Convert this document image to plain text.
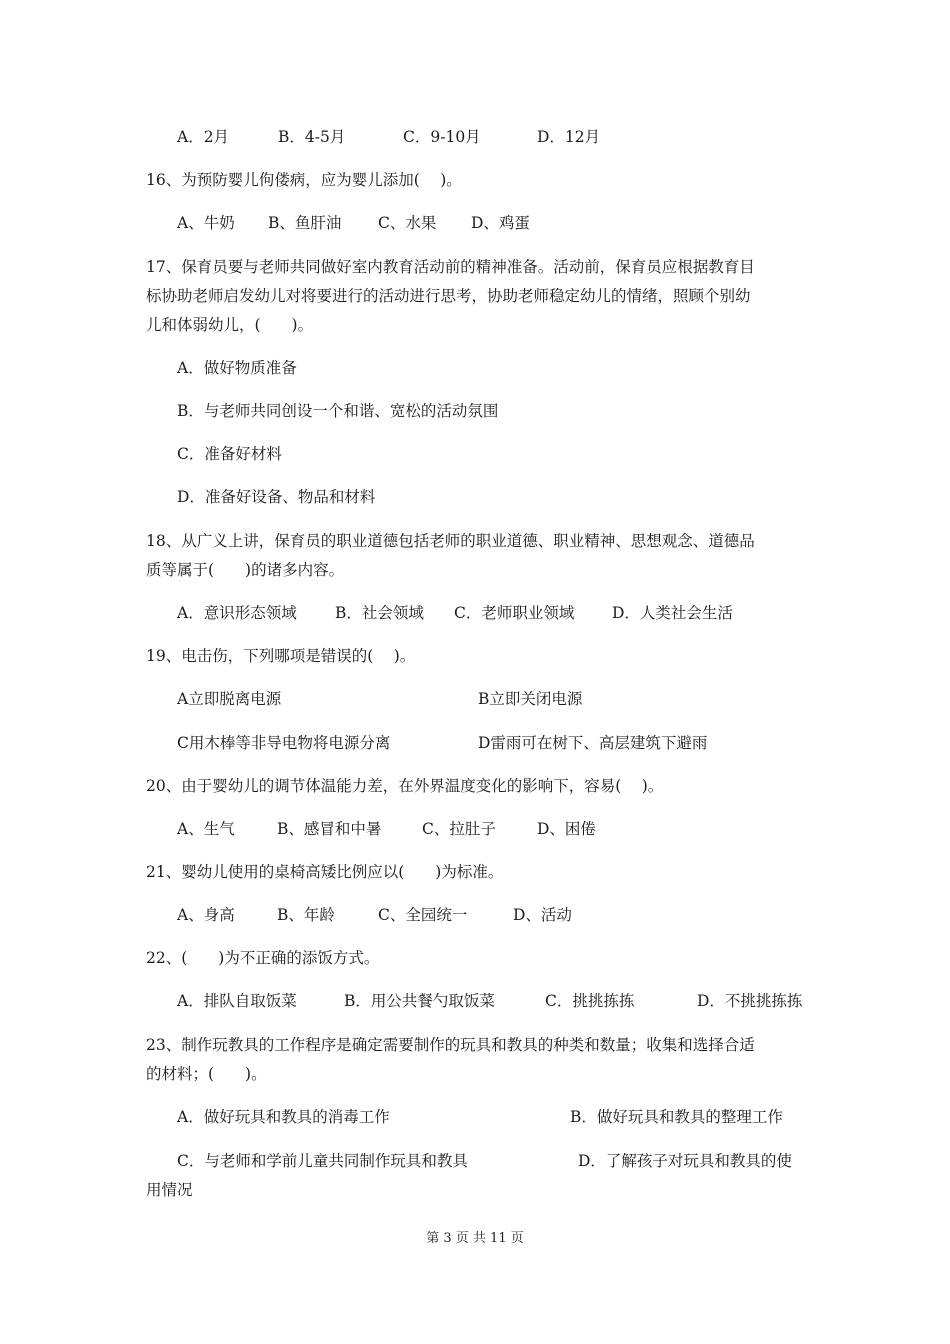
A．2月	B．4-5月	C．9-10月	D．12月
16、为预防婴儿佝偻病，应为婴儿添加(　 )。
A、牛奶 B、鱼肝油 C、水果 D、鸡蛋
17、保育员要与老师共同做好室内教育活动前的精神准备。活动前，保育员应根据教育目
标协助老师启发幼儿对将要进行的活动进行思考，协助老师稳定幼儿的情绪，照顾个别幼
儿和体弱幼儿，(　　)。
A．做好物质准备
B．与老师共同创设一个和谐、宽松的活动氛围
C．准备好材料
D．准备好设备、物品和材料
18、从广义上讲，保育员的职业道德包括老师的职业道德、职业精神、思想观念、道德品
质等属于(　　)的诸多内容。
A．意识形态领域 B．社会领域 C．老师职业领域 D．人类社会生活
19、电击伤，下列哪项是错误的(　 )。
A立即脱离电源	B立即关闭电源
C用木棒等非导电物将电源分离	D雷雨可在树下、高层建筑下避雨
20、由于婴幼儿的调节体温能力差，在外界温度变化的影响下，容易(　 )。
A、生气	B、感冒和中暑	C、拉肚子	D、困倦
21、婴幼儿使用的桌椅高矮比例应以(　　)为标准。
A、身高	B、年龄	C、全园统一	D、活动
22、(　　)为不正确的添饭方式。
A．排队自取饭菜	B．用公共餐勺取饭菜	C．挑挑拣拣	D．不挑挑拣拣
23、制作玩教具的工作程序是确定需要制作的玩具和教具的种类和数量；收集和选择合适
的材料；(　　)。
A．做好玩具和教具的消毒工作	B．做好玩具和教具的整理工作
C．与老师和学前儿童共同制作玩具和教具	D．了解孩子对玩具和教具的使
用情况
第 3 页 共 11 页
